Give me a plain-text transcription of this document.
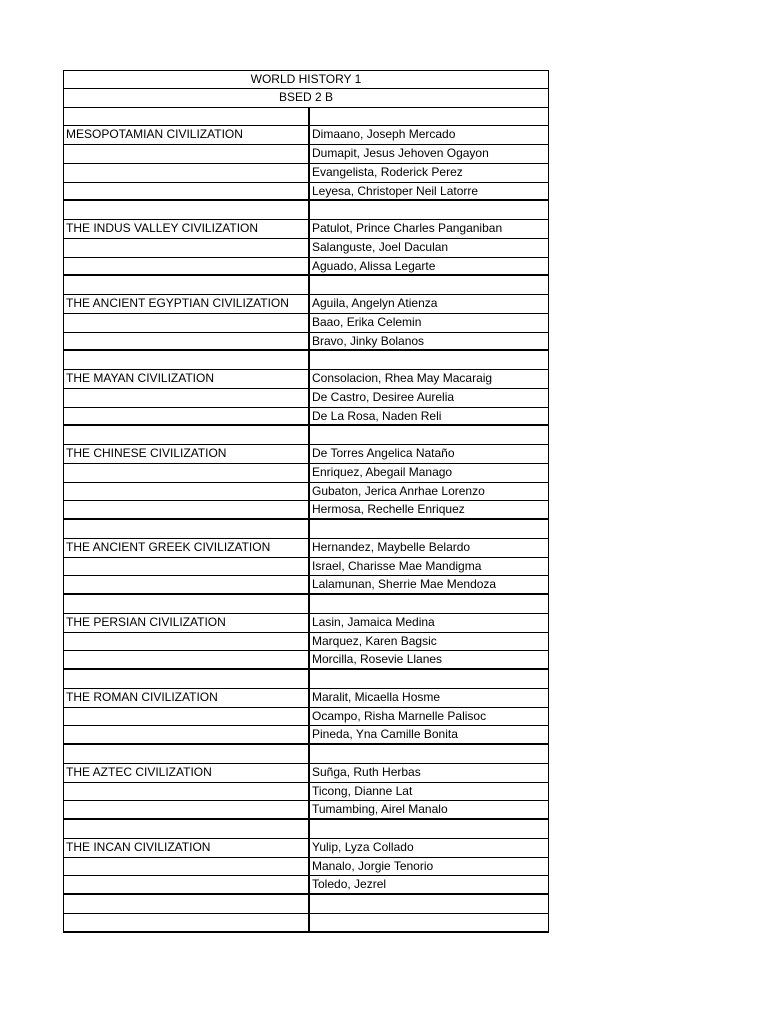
WORLD HISTORY 1
BSED 2 B
MESOPOTAMIAN CIVILIZATION	Dimaano, Joseph Mercado
Dumapit, Jesus Jehoven Ogayon
Evangelista, Roderick Perez
Leyesa, Christoper Neil Latorre
THE INDUS VALLEY CIVILIZATION	Patulot, Prince Charles Panganiban
Salanguste, Joel Daculan
Aguado, Alissa Legarte
THE ANCIENT EGYPTIAN CIVILIZATION	Aguila, Angelyn Atienza
Baao, Erika Celemin
Bravo, Jinky Bolanos
THE MAYAN CIVILIZATION	Consolacion, Rhea May Macaraig
De Castro, Desiree Aurelia
De La Rosa, Naden Reli
THE CHINESE CIVILIZATION	De Torres Angelica Nataño
Enriquez, Abegail Manago
Gubaton, Jerica Anrhae Lorenzo
Hermosa, Rechelle Enriquez
THE ANCIENT GREEK CIVILIZATION	Hernandez, Maybelle Belardo
Israel, Charisse Mae Mandigma
Lalamunan, Sherrie Mae Mendoza
THE PERSIAN CIVILIZATION	Lasin, Jamaica Medina
Marquez, Karen Bagsic
Morcilla, Rosevie Llanes
THE ROMAN CIVILIZATION	Maralit, Micaella Hosme
Ocampo, Risha Marnelle Palisoc
Pineda, Yna Camille Bonita
THE AZTEC CIVILIZATION	Suñga, Ruth Herbas
Ticong, Dianne Lat
Tumambing, Airel Manalo
THE INCAN CIVILIZATION	Yulip, Lyza Collado
Manalo, Jorgie Tenorio
Toledo, Jezrel
